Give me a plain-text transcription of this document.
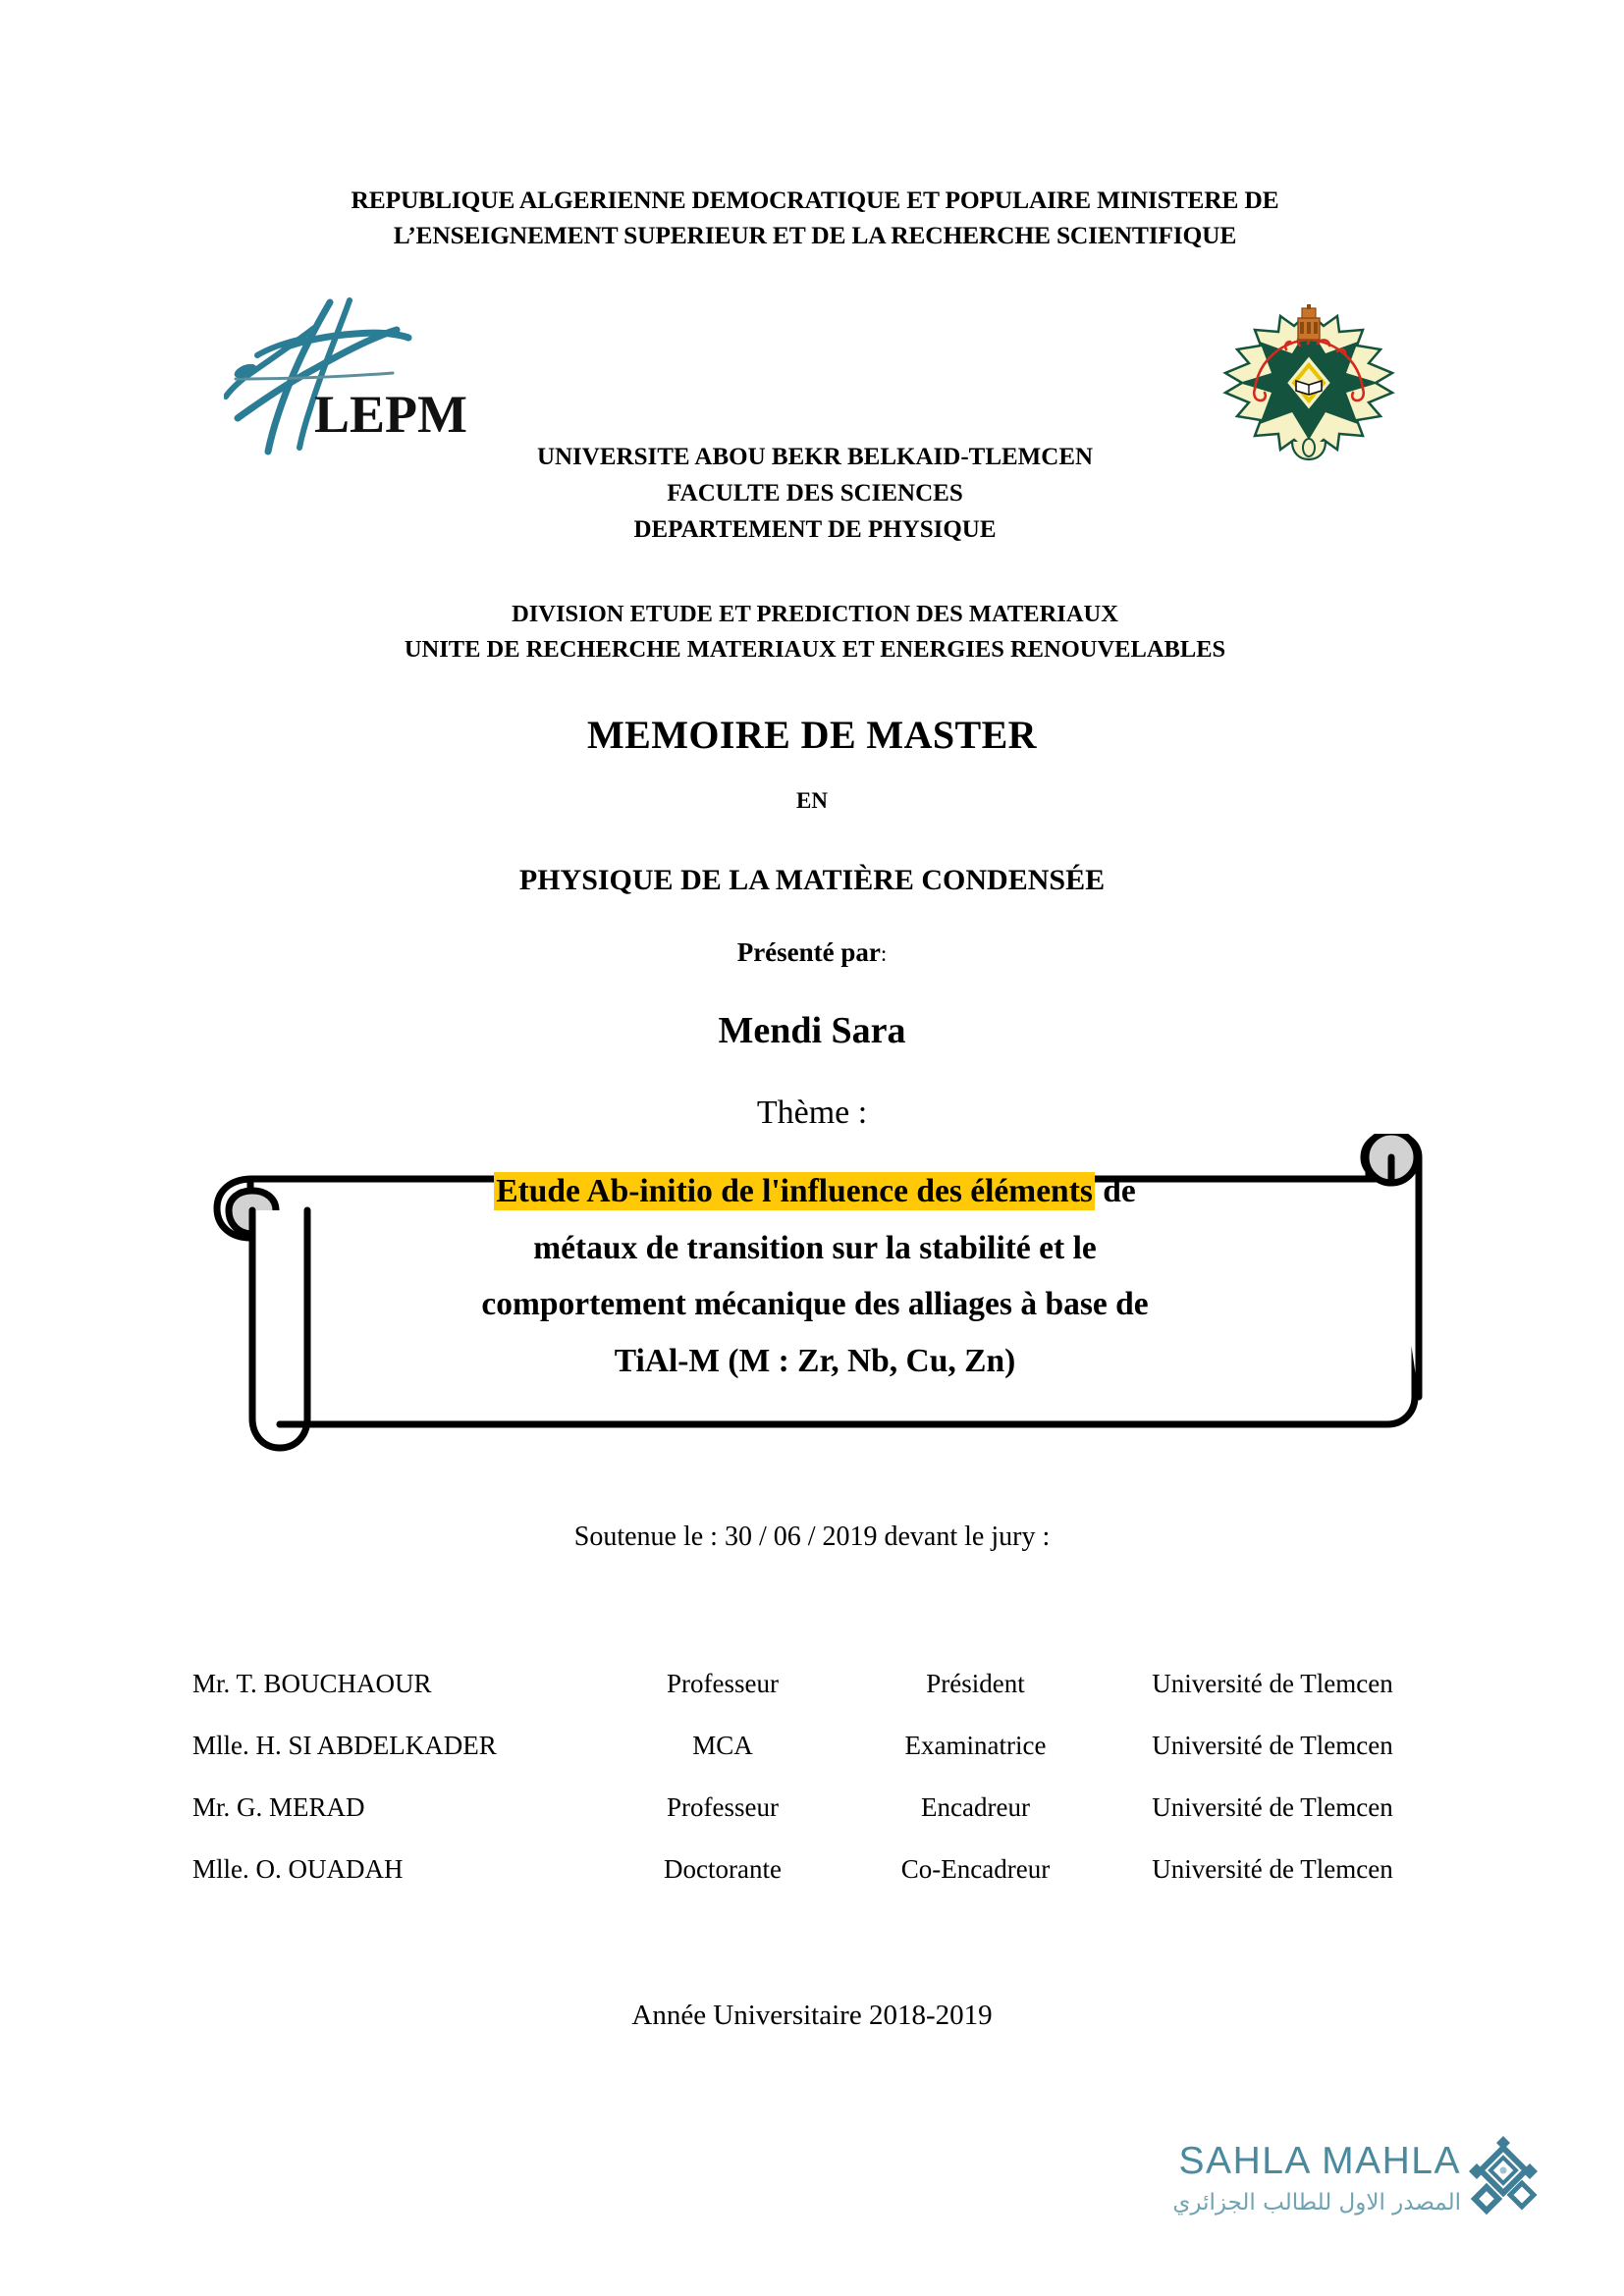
REPUBLIQUE ALGERIENNE DEMOCRATIQUE ET POPULAIRE MINISTERE DE
L’ENSEIGNEMENT SUPERIEUR ET DE LA RECHERCHE SCIENTIFIQUE
LEPM
UNIVERSITE ABOU BEKR BELKAID-TLEMCEN
FACULTE DES SCIENCES
DEPARTEMENT DE PHYSIQUE
DIVISION ETUDE ET PREDICTION DES MATERIAUX
UNITE DE RECHERCHE MATERIAUX ET ENERGIES RENOUVELABLES
MEMOIRE DE MASTER
EN
PHYSIQUE DE LA MATIÈRE CONDENSÉE
Présenté par:
Mendi Sara
Thème :
Etude Ab-initio de l'influence des éléments de
métaux de transition sur la stabilité et le
comportement mécanique des alliages à base de
TiAl-M (M : Zr, Nb, Cu, Zn)
Soutenue le : 30 / 06 / 2019 devant le jury :
Mr. T. BOUCHAOUR	Professeur	Président	Université de Tlemcen
Mlle. H. SI ABDELKADER	MCA	Examinatrice	Université de Tlemcen
Mr. G. MERAD	Professeur	Encadreur	Université de Tlemcen
Mlle. O. OUADAH	Doctorante	Co-Encadreur	Université de Tlemcen
Année Universitaire 2018-2019
SAHLA MAHLA
المصدر الاول للطالب الجزائري
